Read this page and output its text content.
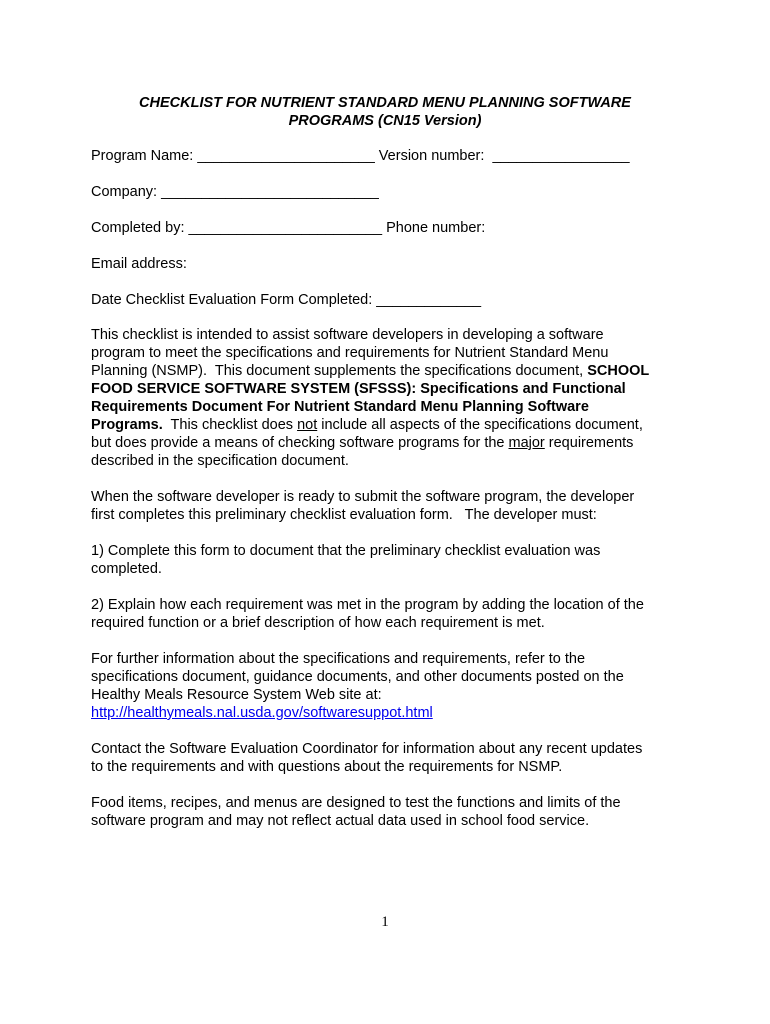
CHECKLIST FOR NUTRIENT STANDARD MENU PLANNING SOFTWARE
PROGRAMS (CN15 Version)
Program Name: ______________________ Version number:  _________________
Company: ___________________________
Completed by: ________________________ Phone number:
Email address:
Date Checklist Evaluation Form Completed: _____________
This checklist is intended to assist software developers in developing a software
program to meet the specifications and requirements for Nutrient Standard Menu
Planning (NSMP).  This document supplements the specifications document, SCHOOL
FOOD SERVICE SOFTWARE SYSTEM (SFSSS): Specifications and Functional
Requirements Document For Nutrient Standard Menu Planning Software
Programs.  This checklist does not include all aspects of the specifications document,
but does provide a means of checking software programs for the major requirements
described in the specification document.
When the software developer is ready to submit the software program, the developer
first completes this preliminary checklist evaluation form.   The developer must:
1) Complete this form to document that the preliminary checklist evaluation was
completed.
2) Explain how each requirement was met in the program by adding the location of the
required function or a brief description of how each requirement is met.
For further information about the specifications and requirements, refer to the
specifications document, guidance documents, and other documents posted on the
Healthy Meals Resource System Web site at:
http://healthymeals.nal.usda.gov/softwaresuppot.html
Contact the Software Evaluation Coordinator for information about any recent updates
to the requirements and with questions about the requirements for NSMP.
Food items, recipes, and menus are designed to test the functions and limits of the
software program and may not reflect actual data used in school food service.
1
